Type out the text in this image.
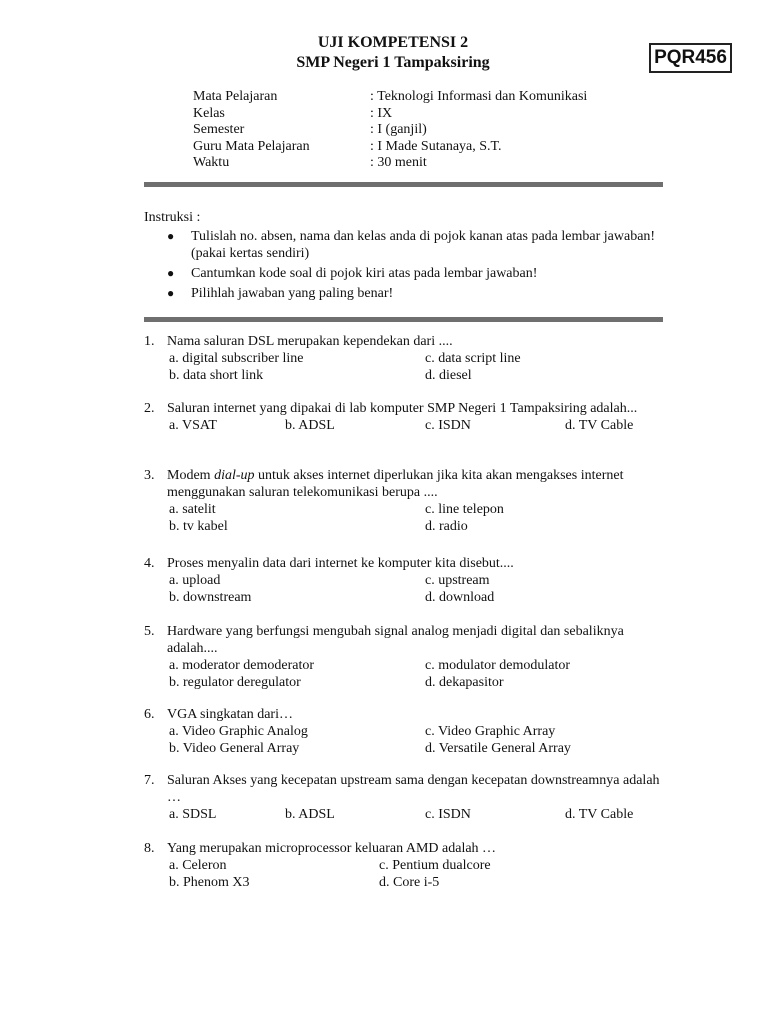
UJI KOMPETENSI 2
SMP Negeri 1 Tampaksiring	PQR456
Mata Pelajaran	: Teknologi Informasi dan Komunikasi
Kelas	: IX
Semester	: I (ganjil)
Guru Mata Pelajaran	: I Made Sutanaya, S.T.
Waktu	: 30 menit
Instruksi :
● Tulislah no. absen, nama dan kelas anda di pojok kanan atas pada lembar jawaban! (pakai kertas sendiri)
● Cantumkan kode soal di pojok kiri atas pada lembar jawaban!
● Pilihlah jawaban yang paling benar!
1. Nama saluran DSL merupakan kependekan dari ....
a. digital subscriber line
b. data short link
c. data script line
d. diesel
2. Saluran internet yang dipakai di lab komputer SMP Negeri 1 Tampaksiring adalah...
a. VSAT	b. ADSL	c. ISDN	d. TV Cable
3. Modem dial-up untuk akses internet diperlukan jika kita akan mengakses internet menggunakan saluran telekomunikasi berupa ....
a. satelit
b. tv kabel
c. line telepon
d. radio
4. Proses menyalin data dari internet ke komputer kita disebut....
a. upload
b. downstream
c. upstream
d. download
5. Hardware yang berfungsi mengubah signal analog menjadi digital dan sebaliknya adalah....
a. moderator demoderator
b. regulator deregulator
c. modulator demodulator
d. dekapasitor
6. VGA singkatan dari…
a. Video Graphic Analog
b. Video General Array
c. Video Graphic Array
d. Versatile General Array
7. Saluran Akses yang kecepatan upstream sama dengan kecepatan downstreamnya adalah …
a. SDSL	b. ADSL	c. ISDN	d. TV Cable
8. Yang merupakan microprocessor keluaran AMD adalah …
a. Celeron
b. Phenom X3
c. Pentium dualcore
d. Core i-5
